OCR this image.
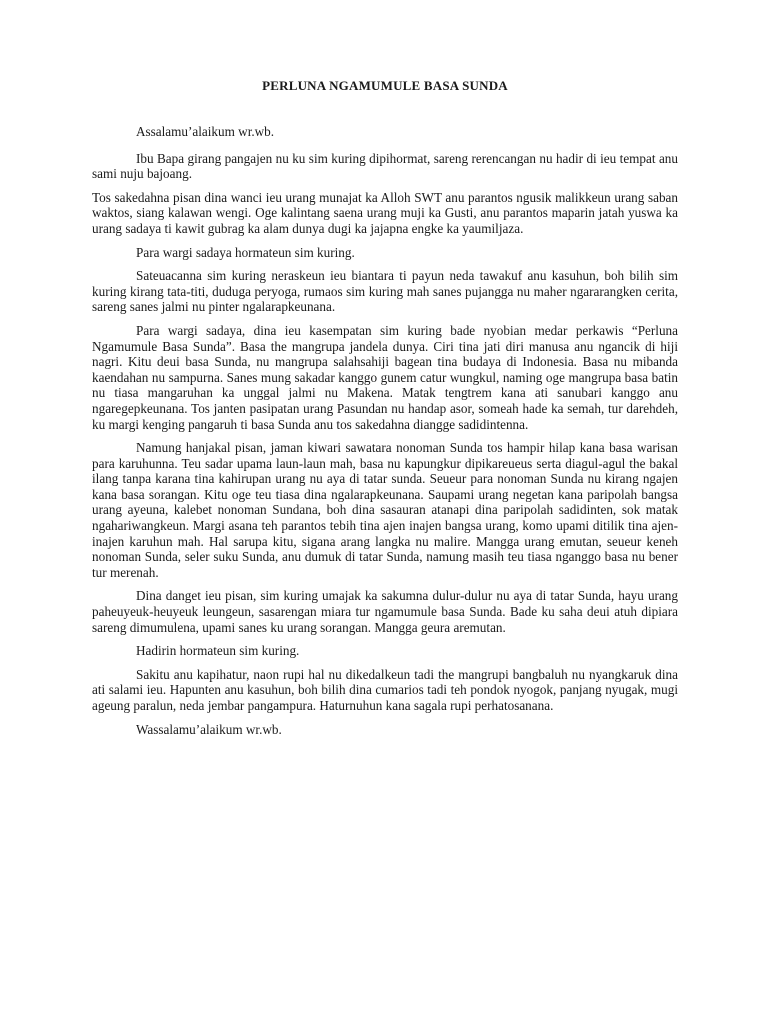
PERLUNA NGAMUMULE BASA SUNDA

Assalamu’alaikum wr.wb.

Ibu Bapa girang pangajen nu ku sim kuring dipihormat, sareng rerencangan nu hadir di ieu tempat anu sami nuju bajoang.

Tos sakedahna pisan dina wanci ieu urang munajat ka Alloh SWT anu parantos ngusik malikkeun urang saban waktos, siang kalawan wengi. Oge kalintang saena urang muji ka Gusti, anu parantos maparin jatah yuswa ka urang sadaya ti kawit gubrag ka alam dunya dugi ka jajapna engke ka yaumiljaza.

Para wargi sadaya hormateun sim kuring.

Sateuacanna sim kuring neraskeun ieu biantara ti payun neda tawakuf anu kasuhun, boh bilih sim kuring kirang tata-titi, duduga peryoga, rumaos sim kuring mah sanes pujangga nu maher ngararangken cerita, sareng sanes jalmi nu pinter ngalarapkeunana.

Para wargi sadaya, dina ieu kasempatan sim kuring bade nyobian medar perkawis “Perluna Ngamumule Basa Sunda”. Basa the mangrupa jandela dunya. Ciri tina jati diri manusa anu ngancik di hiji nagri. Kitu deui basa Sunda, nu mangrupa salahsahiji bagean tina budaya di Indonesia. Basa nu mibanda kaendahan nu sampurna. Sanes mung sakadar kanggo gunem catur wungkul, naming oge mangrupa basa batin nu tiasa mangaruhan ka unggal jalmi nu Makena. Matak tengtrem kana ati sanubari kanggo anu ngaregepkeunana. Tos janten pasipatan urang Pasundan nu handap asor, someah hade ka semah, tur darehdeh, ku margi kenging pangaruh ti basa Sunda anu tos sakedahna diangge sadidintenna.

Namung hanjakal pisan, jaman kiwari sawatara nonoman Sunda tos hampir hilap kana basa warisan para karuhunna. Teu sadar upama laun-laun mah, basa nu kapungkur dipikareueus serta diagul-agul the bakal ilang tanpa karana tina kahirupan urang nu aya di tatar sunda. Seueur para nonoman Sunda nu kirang ngajen kana basa sorangan. Kitu oge teu tiasa dina ngalarapkeunana. Saupami urang negetan kana paripolah bangsa urang ayeuna, kalebet nonoman Sundana, boh dina sasauran atanapi dina paripolah sadidinten, sok matak ngahariwangkeun. Margi asana teh parantos tebih tina ajen inajen bangsa urang, komo upami ditilik tina ajen-inajen karuhun mah. Hal sarupa kitu, sigana arang langka nu malire. Mangga urang emutan, seueur keneh nonoman Sunda, seler suku Sunda, anu dumuk di tatar Sunda, namung masih teu tiasa nganggo basa nu bener tur merenah.

Dina danget ieu pisan, sim kuring umajak ka sakumna dulur-dulur nu aya di tatar Sunda, hayu urang paheuyeuk-heuyeuk leungeun, sasarengan miara tur ngamumule basa Sunda. Bade ku saha deui atuh dipiara sareng dimumulena, upami sanes ku urang sorangan. Mangga geura aremutan.

Hadirin hormateun sim kuring.

Sakitu anu kapihatur, naon rupi hal nu dikedalkeun tadi the mangrupi bangbaluh nu nyangkaruk dina ati salami ieu. Hapunten anu kasuhun, boh bilih dina cumarios tadi teh pondok nyogok, panjang nyugak, mugi ageung paralun, neda jembar pangampura. Haturnuhun kana sagala rupi perhatosanana.

Wassalamu’alaikum wr.wb.
